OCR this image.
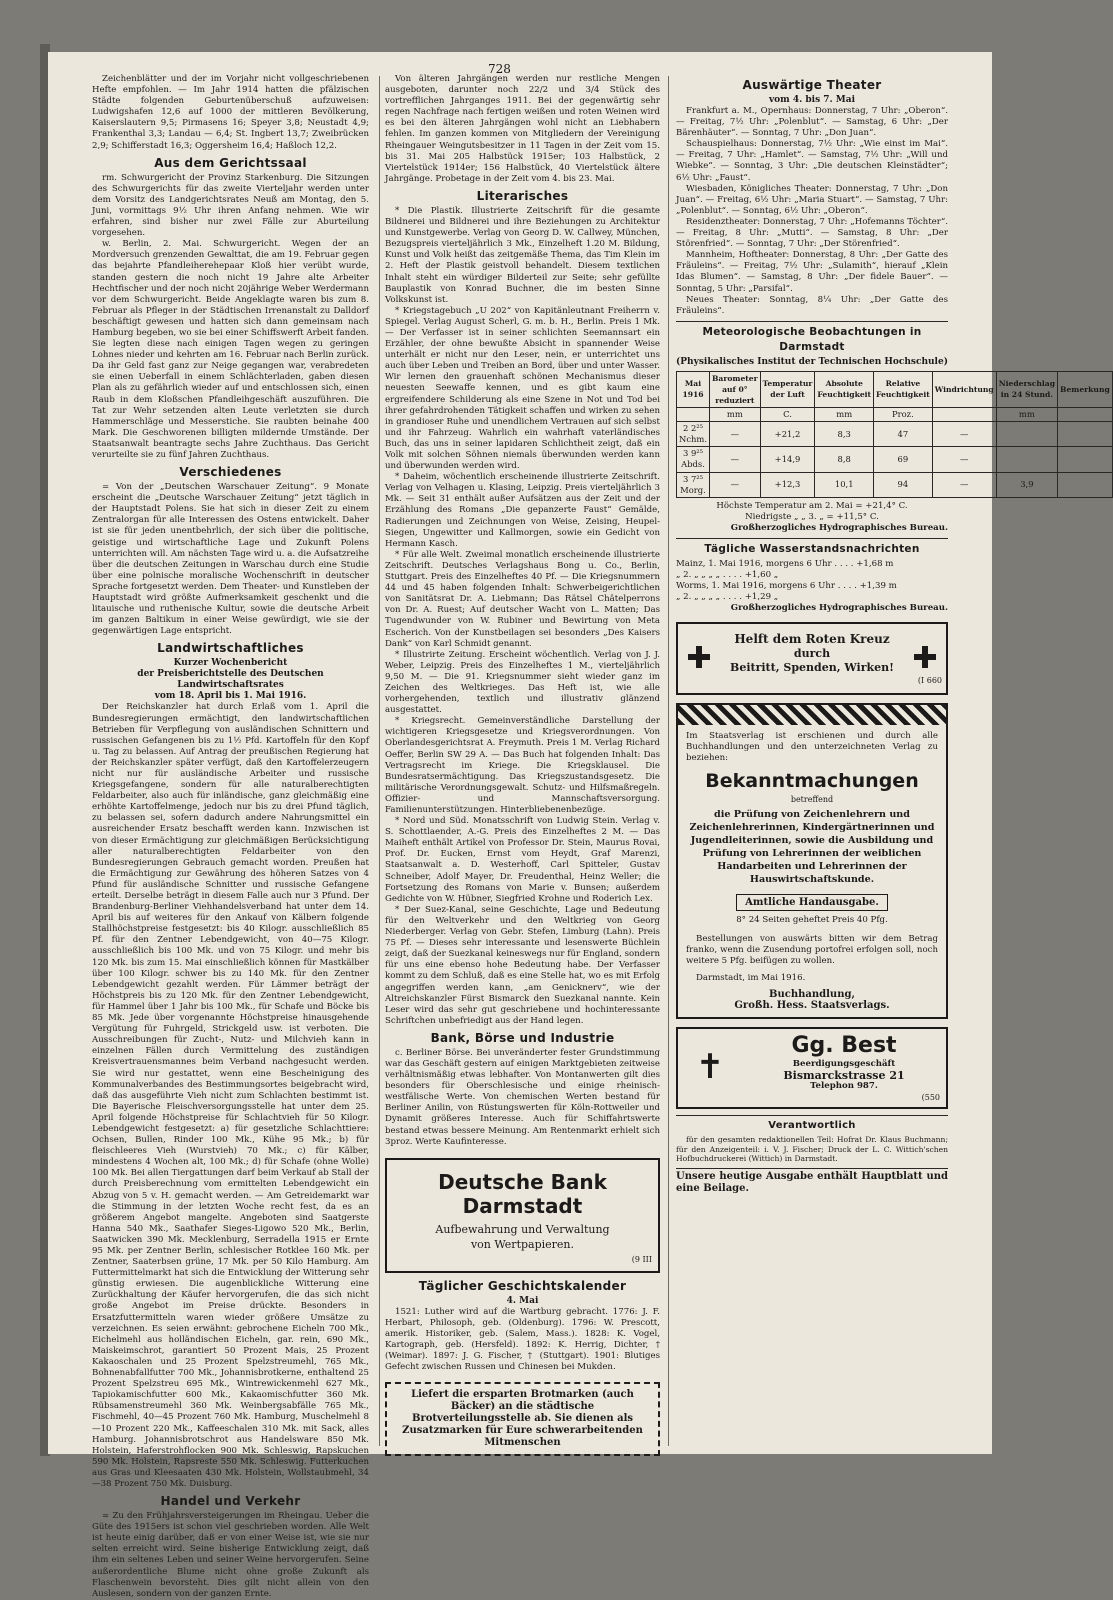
728

Zeichenblätter und der im Vorjahr nicht vollgeschriebenen Hefte empfohlen. — Im Jahr 1914 hatten die pfälzischen Städte folgenden Geburtenüberschuß aufzuweisen: Ludwigshafen 12,6 auf 1000 der mittleren Bevölkerung, Kaiserslautern 9,5; Pirmasens 16; Speyer 3,8; Neustadt 4,9; Frankenthal 3,3; Landau — 6,4; St. Ingbert 13,7; Zweibrücken 2,9; Schifferstadt 16,3; Oggersheim 16,4; Haßloch 12,2.

Aus dem Gerichtssaal

rm. Schwurgericht der Provinz Starkenburg. Die Sitzungen des Schwurgerichts für das zweite Vierteljahr werden unter dem Vorsitz des Landgerichtsrates Neuß am Montag, den 5. Juni, vormittags 9½ Uhr ihren Anfang nehmen. Wie wir erfahren, sind bisher nur zwei Fälle zur Aburteilung vorgesehen.

w. Berlin, 2. Mai. Schwurgericht. Wegen der an Mordversuch grenzenden Gewalttat, die am 19. Februar gegen das bejahrte Pfandleiherehepaar Kloß hier verübt wurde, standen gestern die noch nicht 19 Jahre alte Arbeiter Hechtfischer und der noch nicht 20jährige Weber Werdermann vor dem Schwurgericht. Beide Angeklagte waren bis zum 8. Februar als Pfleger in der Städtischen Irrenanstalt zu Dalldorf beschäftigt gewesen und hatten sich dann gemeinsam nach Hamburg begeben, wo sie bei einer Schiffswerft Arbeit fanden. Sie legten diese nach einigen Tagen wegen zu geringen Lohnes nieder und kehrten am 16. Februar nach Berlin zurück. Da ihr Geld fast ganz zur Neige gegangen war, verabredeten sie einen Ueberfall in einem Schlächterladen, gaben diesen Plan als zu gefährlich wieder auf und entschlossen sich, einen Raub in dem Kloßschen Pfandleihgeschäft auszuführen. Die Tat zur Wehr setzenden alten Leute verletzten sie durch Hammerschläge und Messerstiche. Sie raubten beinahe 400 Mark. Die Geschworenen billigten mildernde Umstände. Der Staatsanwalt beantragte sechs Jahre Zuchthaus. Das Gericht verurteilte sie zu fünf Jahren Zuchthaus.

Verschiedenes

= Von der „Deutschen Warschauer Zeitung“. 9 Monate erscheint die „Deutsche Warschauer Zeitung“ jetzt täglich in der Hauptstadt Polens. Sie hat sich in dieser Zeit zu einem Zentralorgan für alle Interessen des Ostens entwickelt. Daher ist sie für jeden unentbehrlich, der sich über die politische, geistige und wirtschaftliche Lage und Zukunft Polens unterrichten will. Am nächsten Tage wird u. a. die Aufsatzreihe über die deutschen Zeitungen in Warschau durch eine Studie über eine polnische moralische Wochenschrift in deutscher Sprache fortgesetzt werden. Dem Theater- und Kunstleben der Hauptstadt wird größte Aufmerksamkeit geschenkt und die litauische und ruthenische Kultur, sowie die deutsche Arbeit im ganzen Baltikum in einer Weise gewürdigt, wie sie der gegenwärtigen Lage entspricht.

Landwirtschaftliches
Kurzer Wochenbericht
der Preisberichtstelle des Deutschen Landwirtschaftsrates
vom 18. April bis 1. Mai 1916.

Der Reichskanzler hat durch Erlaß vom 1. April die Bundesregierungen ermächtigt, den landwirtschaftlichen Betrieben für Verpflegung von ausländischen Schnittern und russischen Gefangenen bis zu 1½ Pfd. Kartoffeln für den Kopf u. Tag zu belassen. Auf Antrag der preußischen Regierung hat der Reichskanzler später verfügt, daß den Kartoffelerzeugern nicht nur für ausländische Arbeiter und russische Kriegsgefangene, sondern für alle naturalberechtigten Feldarbeiter, also auch für inländische, ganz gleichmäßig eine erhöhte Kartoffelmenge, jedoch nur bis zu drei Pfund täglich, zu belassen sei, sofern dadurch andere Nahrungsmittel ein ausreichender Ersatz beschafft werden kann. Inzwischen ist von dieser Ermächtigung zur gleichmäßigen Berücksichtigung aller naturalberechtigten Feldarbeiter von den Bundesregierungen Gebrauch gemacht worden. Preußen hat die Ermächtigung zur Gewährung des höheren Satzes von 4 Pfund für ausländische Schnitter und russische Gefangene erteilt. Derselbe beträgt in diesem Falle auch nur 3 Pfund. Der Brandenburg-Berliner Viehhandelsverband hat unter dem 14. April bis auf weiteres für den Ankauf von Kälbern folgende Stallhöchstpreise festgesetzt: bis 40 Kilogr. ausschließlich 85 Pf. für den Zentner Lebendgewicht, von 40—75 Kilogr. ausschließlich bis 100 Mk. und von 75 Kilogr. und mehr bis 120 Mk. bis zum 15. Mai einschließlich können für Mastkälber über 100 Kilogr. schwer bis zu 140 Mk. für den Zentner Lebendgewicht gezahlt werden. Für Lämmer beträgt der Höchstpreis bis zu 120 Mk. für den Zentner Lebendgewicht, für Hammel über 1 Jahr bis 100 Mk., für Schafe und Böcke bis 85 Mk. Jede über vorgenannte Höchstpreise hinausgehende Vergütung für Fuhrgeld, Strickgeld usw. ist verboten. Die Ausschreibungen für Zucht-, Nutz- und Milchvieh kann in einzelnen Fällen durch Vermittelung des zuständigen Kreisvertrauensmannes beim Verband nachgesucht werden. Sie wird nur gestattet, wenn eine Bescheinigung des Kommunalverbandes des Bestimmungsortes beigebracht wird, daß das ausgeführte Vieh nicht zum Schlachten bestimmt ist. Die Bayerische Fleischversorgungsstelle hat unter dem 25. April folgende Höchstpreise für Schlachtvieh für 50 Kilogr. Lebendgewicht festgesetzt: a) für gesetzliche Schlachttiere: Ochsen, Bullen, Rinder 100 Mk., Kühe 95 Mk.; b) für fleischleeres Vieh (Wurstvieh) 70 Mk.; c) für Kälber, mindestens 4 Wochen alt, 100 Mk.; d) für Schafe (ohne Wolle) 100 Mk. Bei allen Tiergattungen darf beim Verkauf ab Stall der durch Preisberechnung vom ermittelten Lebendgewicht ein Abzug von 5 v. H. gemacht werden. — Am Getreidemarkt war die Stimmung in der letzten Woche recht fest, da es an größerem Angebot mangelte. Angeboten sind Saatgerste Hanna 540 Mk., Saathafer Sieges-Ligowo 520 Mk., Berlin, Saatwicken 390 Mk. Mecklenburg, Serradella 1915 er Ernte 95 Mk. per Zentner Berlin, schlesischer Rotklee 160 Mk. per Zentner, Saaterbsen grüne, 17 Mk. per 50 Kilo Hamburg. Am Futtermittelmarkt hat sich die Entwicklung der Witterung sehr günstig erwiesen. Die augenblickliche Witterung eine Zurückhaltung der Käufer hervorgerufen, die das sich nicht große Angebot im Preise drückte. Besonders in Ersatzfuttermitteln waren wieder größere Umsätze zu verzeichnen. Es seien erwähnt: gebrochene Eicheln 700 Mk., Eichelmehl aus holländischen Eicheln, gar. rein, 690 Mk., Maiskeimschrot, garantiert 50 Prozent Mais, 25 Prozent Kakaoschalen und 25 Prozent Spelzstreumehl, 765 Mk., Bohnenabfallfutter 700 Mk., Johannisbrotkerne, enthaltend 25 Prozent Spelzstreu 695 Mk., Wintrewickenmehl 627 Mk., Tapiokamischfutter 600 Mk., Kakaomischfutter 360 Mk. Rübsamenstreumehl 360 Mk. Weinbergsabfälle 765 Mk., Fischmehl, 40—45 Prozent 760 Mk. Hamburg, Muschelmehl 8—10 Prozent 220 Mk., Kaffeeschalen 310 Mk. mit Sack, alles Hamburg. Johannisbrotschrot aus Handelsware 850 Mk. Holstein, Haferstrohflocken 900 Mk. Schleswig, Rapskuchen 590 Mk. Holstein, Rapsreste 550 Mk. Schleswig. Futterkuchen aus Gras und Kleesaaten 430 Mk. Holstein, Wollstaubmehl, 34—38 Prozent 750 Mk. Duisburg.

Handel und Verkehr

= Zu den Frühjahrsversteigerungen im Rheingau. Ueber die Güte des 1915ers ist schon viel geschrieben worden. Alle Welt ist heute einig darüber, daß er von einer Weise ist, wie sie nur selten erreicht wird. Seine bisherige Entwicklung zeigt, daß ihm ein seltenes Leben und seiner Weine hervorgerufen. Seine außerordentliche Blume nicht ohne große Zukunft als Flaschenwein bevorsteht. Dies gilt nicht allein von den Auslesen, sondern von der ganzen Ernte.

Von älteren Jahrgängen werden nur restliche Mengen ausgeboten, darunter noch 22/2 und 3/4 Stück des vortrefflichen Jahrganges 1911. Bei der gegenwärtig sehr regen Nachfrage nach fertigen weißen und roten Weinen wird es bei den älteren Jahrgängen wohl nicht an Liebhabern fehlen. Im ganzen kommen von Mitgliedern der Vereinigung Rheingauer Weingutsbesitzer in 11 Tagen in der Zeit vom 15. bis 31. Mai 205 Halbstück 1915er; 103 Halbstück, 2 Viertelstück 1914er; 156 Halbstück, 40 Viertelstück ältere Jahrgänge. Probetage in der Zeit vom 4. bis 23. Mai.

Literarisches

* Die Plastik. Illustrierte Zeitschrift für die gesamte Bildnerei und Bildnerei und ihre Beziehungen zu Architektur und Kunstgewerbe. Verlag von Georg D. W. Callwey, München, Bezugspreis vierteljährlich 3 Mk., Einzelheft 1.20 M. Bildung, Kunst und Volk heißt das zeitgemäße Thema, das Tim Klein im 2. Heft der Plastik geistvoll behandelt. Diesem textlichen Inhalt steht ein würdiger Bilderteil zur Seite; sehr gefüllte Bauplastik von Konrad Buchner, die im besten Sinne Volkskunst ist.

* Kriegstagebuch „U 202“ von Kapitänleutnant Freiherrn v. Spiegel. Verlag August Scherl, G. m. b. H., Berlin. Preis 1 Mk. — Der Verfasser ist in seiner schlichten Seemannsart ein Erzähler, der ohne bewußte Absicht in spannender Weise unterhält er nicht nur den Leser, nein, er unterrichtet uns auch über Leben und Treiben an Bord, über und unter Wasser. Wir lernen den grauenhaft schönen Mechanismus dieser neuesten Seewaffe kennen, und es gibt kaum eine ergreifendere Schilderung als eine Szene in Not und Tod bei ihrer gefahrdrohenden Tätigkeit schaffen und wirken zu sehen in grandioser Ruhe und unendlichem Vertrauen auf sich selbst und ihr Fahrzeug. Wahrlich ein wahrhaft vaterländisches Buch, das uns in seiner lapidaren Schlichtheit zeigt, daß ein Volk mit solchen Söhnen niemals überwunden werden kann und überwunden werden wird.

* Daheim, wöchentlich erscheinende illustrierte Zeitschrift. Verlag von Velhagen u. Klasing, Leipzig. Preis vierteljährlich 3 Mk. — Seit 31 enthält außer Aufsätzen aus der Zeit und der Erzählung des Romans „Die gepanzerte Faust“ Gemälde, Radierungen und Zeichnungen von Weise, Zeising, Heupel-Siegen, Ungewitter und Kallmorgen, sowie ein Gedicht von Hermann Kasch.

* Für alle Welt. Zweimal monatlich erscheinende illustrierte Zeitschrift. Deutsches Verlagshaus Bong u. Co., Berlin, Stuttgart. Preis des Einzelheftes 40 Pf. — Die Kriegsnummern 44 und 45 haben folgenden Inhalt: Schwerbeigerichtlichen von Sanitätsrat Dr. A. Liebmann; Das Rätsel Châtelperrons von Dr. A. Ruest; Auf deutscher Wacht von L. Matten; Das Tugendwunder von W. Rubiner und Bewirtung von Meta Escherich. Von der Kunstbeilagen sei besonders „Des Kaisers Dank“ von Karl Schmidt genannt.

* Illustrirte Zeitung. Erscheint wöchentlich. Verlag von J. J. Weber, Leipzig. Preis des Einzelheftes 1 M., vierteljährlich 9,50 M. — Die 91. Kriegsnummer sieht wieder ganz im Zeichen des Weltkrieges. Das Heft ist, wie alle vorhergehenden, textlich und illustrativ glänzend ausgestattet.

* Kriegsrecht. Gemeinverständliche Darstellung der wichtigeren Kriegsgesetze und Kriegsverordnungen. Von Oberlandesgerichtsrat A. Freymuth. Preis 1 M. Verlag Richard Oeffer, Berlin SW 29 A. — Das Buch hat folgenden Inhalt: Das Vertragsrecht im Kriege. Die Kriegsklausel. Die Bundesratsermächtigung. Das Kriegszustandsgesetz. Die militärische Verordnungsgewalt. Schutz- und Hilfsmaßregeln. Offizier- und Mannschaftsversorgung. Familienunterstützungen. Hinterbliebenenbezüge.

* Nord und Süd. Monatsschrift von Ludwig Stein. Verlag v. S. Schottlaender, A.-G. Preis des Einzelheftes 2 M. — Das Maiheft enthält Artikel von Professor Dr. Stein, Maurus Rovai, Prof. Dr. Eucken, Ernst vom Heydt, Graf Marenzi, Staatsanwalt a. D. Westerhoff, Carl Spitteler, Gustav Schneiber, Adolf Mayer, Dr. Freudenthal, Heinz Weller; die Fortsetzung des Romans von Marie v. Bunsen; außerdem Gedichte von W. Hübner, Siegfried Krohne und Roderich Lex.

* Der Suez-Kanal, seine Geschichte, Lage und Bedeutung für den Weltverkehr und den Weltkrieg von Georg Niederberger. Verlag von Gebr. Stefen, Limburg (Lahn). Preis 75 Pf. — Dieses sehr interessante und lesenswerte Büchlein zeigt, daß der Suezkanal keineswegs nur für England, sondern für uns eine ebenso hohe Bedeutung habe. Der Verfasser kommt zu dem Schluß, daß es eine Stelle hat, wo es mit Erfolg angegriffen werden kann, „am Genicknerv“, wie der Altreichskanzler Fürst Bismarck den Suezkanal nannte. Kein Leser wird das sehr gut geschriebene und hochinteressante Schriftchen unbefriedigt aus der Hand legen.

Bank, Börse und Industrie

c. Berliner Börse. Bei unveränderter fester Grundstimmung war das Geschäft gestern auf einigen Marktgebieten zeitweise verhältnismäßig etwas lebhafter. Von Montanwerten gilt dies besonders für Oberschlesische und einige rheinisch-westfälische Werte. Von chemischen Werten bestand für Berliner Anilin, von Rüstungswerten für Köln-Rottweiler und Dynamit größeres Interesse. Auch für Schiffahrtswerte bestand etwas bessere Meinung. Am Rentenmarkt erhielt sich 3proz. Werte Kaufinteresse.

Deutsche Bank Darmstadt
Aufbewahrung und Verwaltung
von Wertpapieren.
(9 III
Täglicher Geschichtskalender
4. Mai

1521: Luther wird auf die Wartburg gebracht. 1776: J. F. Herbart, Philosoph, geb. (Oldenburg). 1796: W. Prescott, amerik. Historiker, geb. (Salem, Mass.). 1828: K. Vogel, Kartograph, geb. (Hersfeld). 1892: K. Herrig, Dichter, † (Weimar). 1897: J. G. Fischer, † (Stuttgart). 1901: Blutiges Gefecht zwischen Russen und Chinesen bei Mukden.

Liefert die ersparten Brotmarken (auch Bäcker) an die städtische Brotverteilungsstelle ab. Sie dienen als Zusatzmarken für Eure schwerarbeitenden Mitmenschen
Auswärtige Theater
vom 4. bis 7. Mai

Frankfurt a. M., Opernhaus: Donnerstag, 7 Uhr: „Oberon“. — Freitag, 7½ Uhr: „Polenblut“. — Samstag, 6 Uhr: „Der Bärenhäuter“. — Sonntag, 7 Uhr: „Don Juan“.

Schauspielhaus: Donnerstag, 7½ Uhr: „Wie einst im Mai“. — Freitag, 7 Uhr: „Hamlet“. — Samstag, 7½ Uhr: „Will und Wiebke“. — Sonntag, 3 Uhr: „Die deutschen Kleinstädter“; 6½ Uhr: „Faust“.

Wiesbaden, Königliches Theater: Donnerstag, 7 Uhr: „Don Juan“. — Freitag, 6½ Uhr: „Maria Stuart“. — Samstag, 7 Uhr: „Polenblut“. — Sonntag, 6½ Uhr: „Oberon“.

Residenztheater: Donnerstag, 7 Uhr: „Hofemanns Töchter“. — Freitag, 8 Uhr: „Mutti“. — Samstag, 8 Uhr: „Der Störenfried“. — Sonntag, 7 Uhr: „Der Störenfried“.

Mannheim, Hoftheater: Donnerstag, 8 Uhr: „Der Gatte des Fräuleins“. — Freitag, 7½ Uhr: „Sulamith“, hierauf „Klein Idas Blumen“. — Samstag, 8 Uhr: „Der fidele Bauer“. — Sonntag, 5 Uhr: „Parsifal“.

Neues Theater: Sonntag, 8¼ Uhr: „Der Gatte des Fräuleins“.

Meteorologische Beobachtungen in Darmstadt
(Physikalisches Institut der Technischen Hochschule)
Mai 1916	Barometer auf 0° reduziert	Temperatur der Luft	Absolute Feuchtigkeit	Relative Feuchtigkeit	Windrichtung	Niederschlag in 24 Stund.	Bemerkung
	mm	C.	mm	Proz.		mm	
2 2²⁵ Nchm.	—	+21,2	8,3	47	—		
3 9²⁵ Abds.	—	+14,9	8,8	69	—		
3 7²⁵ Morg.	—	+12,3	10,1	94	—	3,9	
Höchste Temperatur am 2. Mai = +21,4° C.
Niedrigste „ „ 3. „ = +11,5° C.
Großherzogliches Hydrographisches Bureau.
Tägliche Wasserstandsnachrichten
Mainz, 1. Mai 1916, morgens 6 Uhr . . . . +1,68 m
„ 2. „ „ „ „ . . . . +1,60 „
Worms, 1. Mai 1916, morgens 6 Uhr . . . . +1,39 m
„ 2. „ „ „ „ . . . . +1,29 „
Großherzogliches Hydrographisches Bureau.
Helft dem Roten Kreuz
durch
Beitritt, Spenden, Wirken!
(I 660

Im Staatsverlag ist erschienen und durch alle Buchhandlungen und den unterzeichneten Verlag zu beziehen:

Bekanntmachungen
betreffend
die Prüfung von Zeichenlehrern und Zeichenlehrerinnen, Kindergärtnerinnen und Jugendleiterinnen, sowie die Ausbildung und Prüfung von Lehrerinnen der weiblichen Handarbeiten und Lehrerinnen der Hauswirtschaftskunde.
Amtliche Handausgabe.
8° 24 Seiten geheftet Preis 40 Pfg.

Bestellungen von auswärts bitten wir dem Betrag franko, wenn die Zusendung portofrei erfolgen soll, noch weitere 5 Pfg. beifügen zu wollen.

Darmstadt, im Mai 1916.
Buchhandlung,
Großh. Hess. Staatsverlags.
✝
Gg. Best
Beerdigungsgeschäft
Bismarckstrasse 21
Telephon 987.
(550
Verantwortlich

für den gesamten redaktionellen Teil: Hofrat Dr. Klaus Buchmann; für den Anzeigenteil: i. V. J. Fischer; Druck der L. C. Wittich'schen Hofbuchdruckerei (Wittich) in Darmstadt.

Unsere heutige Ausgabe enthält Hauptblatt und eine Beilage.
